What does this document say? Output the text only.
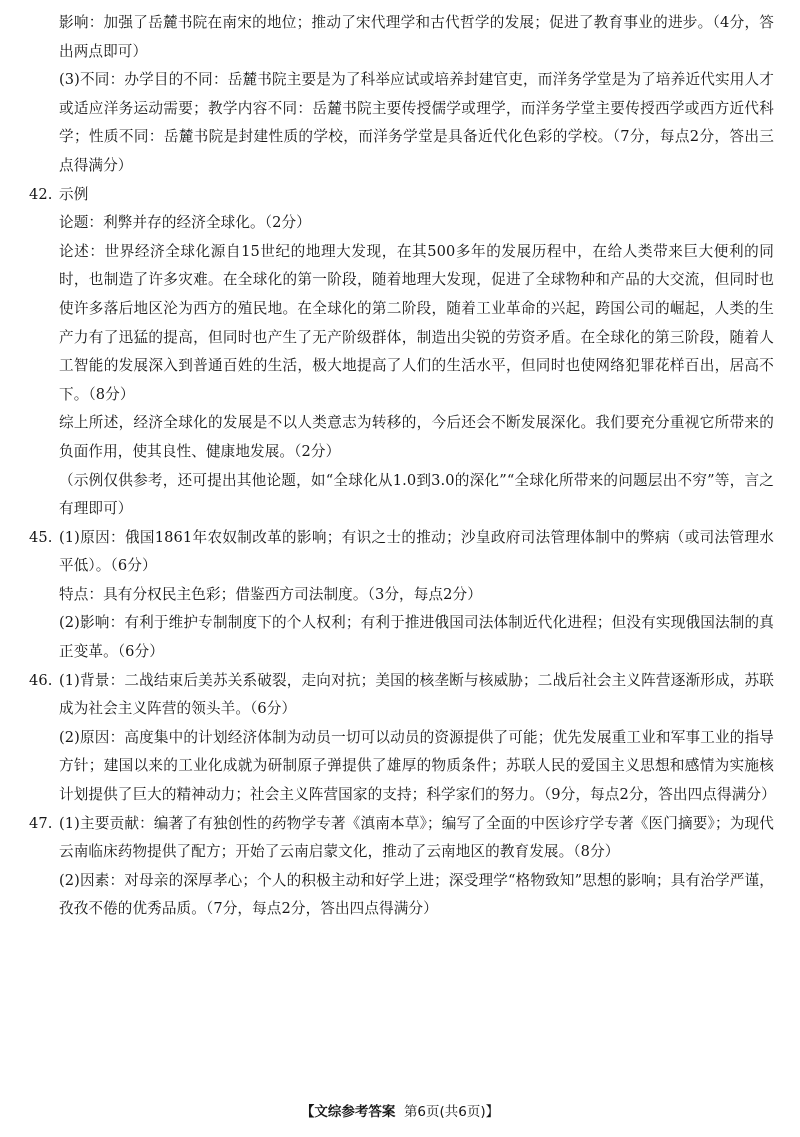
影响：加强了岳麓书院在南宋的地位；推动了宋代理学和古代哲学的发展；促进了教育事业的进步。（4分，答出两点即可）

(3)不同：办学目的不同：岳麓书院主要是为了科举应试或培养封建官吏，而洋务学堂是为了培养近代实用人才或适应洋务运动需要；教学内容不同：岳麓书院主要传授儒学或理学，而洋务学堂主要传授西学或西方近代科学；性质不同：岳麓书院是封建性质的学校，而洋务学堂是具备近代化色彩的学校。（7分，每点2分，答出三点得满分）

42. 示例

论题：利弊并存的经济全球化。（2分）

论述：世界经济全球化源自15世纪的地理大发现，在其500多年的发展历程中，在给人类带来巨大便利的同时，也制造了许多灾难。在全球化的第一阶段，随着地理大发现，促进了全球物种和产品的大交流，但同时也使许多落后地区沦为西方的殖民地。在全球化的第二阶段，随着工业革命的兴起，跨国公司的崛起，人类的生产力有了迅猛的提高，但同时也产生了无产阶级群体，制造出尖锐的劳资矛盾。在全球化的第三阶段，随着人工智能的发展深入到普通百姓的生活，极大地提高了人们的生活水平，但同时也使网络犯罪花样百出，居高不下。（8分）

综上所述，经济全球化的发展是不以人类意志为转移的，今后还会不断发展深化。我们要充分重视它所带来的负面作用，使其良性、健康地发展。（2分）

（示例仅供参考，还可提出其他论题，如“全球化从1.0到3.0的深化”“全球化所带来的问题层出不穷”等，言之有理即可）

45. (1)原因：俄国1861年农奴制改革的影响；有识之士的推动；沙皇政府司法管理体制中的弊病（或司法管理水平低）。（6分）

特点：具有分权民主色彩；借鉴西方司法制度。（3分，每点2分）

(2)影响：有利于维护专制制度下的个人权利；有利于推进俄国司法体制近代化进程；但没有实现俄国法制的真正变革。（6分）

46. (1)背景：二战结束后美苏关系破裂，走向对抗；美国的核垄断与核威胁；二战后社会主义阵营逐渐形成，苏联成为社会主义阵营的领头羊。（6分）

(2)原因：高度集中的计划经济体制为动员一切可以动员的资源提供了可能；优先发展重工业和军事工业的指导方针；建国以来的工业化成就为研制原子弹提供了雄厚的物质条件；苏联人民的爱国主义思想和感情为实施核计划提供了巨大的精神动力；社会主义阵营国家的支持；科学家们的努力。（9分，每点2分，答出四点得满分）

47. (1)主要贡献：编著了有独创性的药物学专著《滇南本草》；编写了全面的中医诊疗学专著《医门摘要》；为现代云南临床药物提供了配方；开始了云南启蒙文化，推动了云南地区的教育发展。（8分）

(2)因素：对母亲的深厚孝心；个人的积极主动和好学上进；深受理学“格物致知”思想的影响；具有治学严谨，孜孜不倦的优秀品质。（7分，每点2分，答出四点得满分）

【文综参考答案 第6页(共6页)】
